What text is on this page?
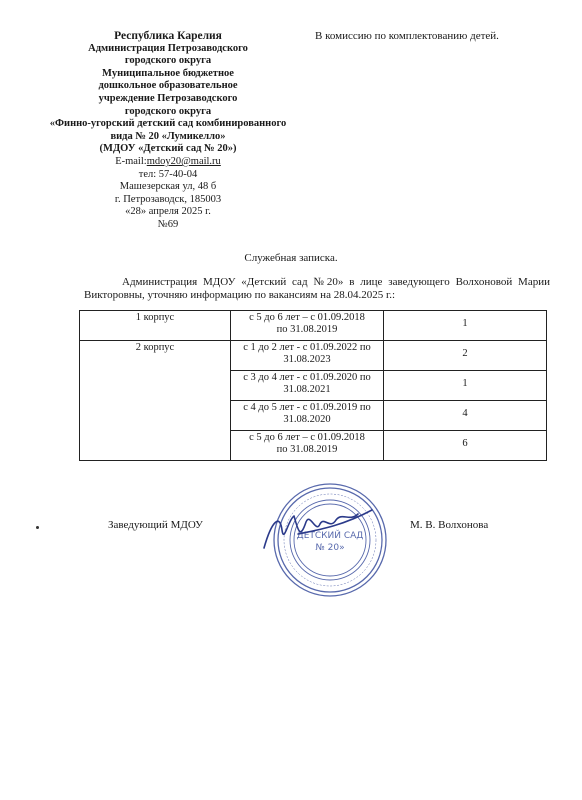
Республика Карелия
Администрация Петрозаводского
городского округа
Муниципальное бюджетное
дошкольное образовательное
учреждение Петрозаводского
городского округа
«Финно-угорский детский сад комбинированного
вида № 20 «Лумикелло»
(МДОУ «Детский сад № 20»)
E-mail:mdoy20@mail.ru
тел: 57-40-04
Машезерская ул, 48 б
г. Петрозаводск, 185003
«28» апреля 2025 г.
№69
В комиссию по комплектованию детей.
Служебная записка.

Администрация МДОУ «Детский сад №20» в лице заведующего Волхоновой Марии Викторовны, уточняю информацию по вакансиям на 28.04.2025 г.:

1 корпус	с 5 до 6 лет – с 01.09.2018
по 31.08.2019	1
2 корпус	с 1 до 2 лет - с 01.09.2022 по
31.08.2023	2

	с 3 до 4 лет - с 01.09.2020 по
31.08.2021	1

	с 4 до 5 лет - с 01.09.2019 по
31.08.2020	4

	с 5 до 6 лет – с 01.09.2018
по 31.08.2019	6
Заведующий МДОУ	М. В. Волхонова
ДЕТСКИЙ САД
№ 20»
